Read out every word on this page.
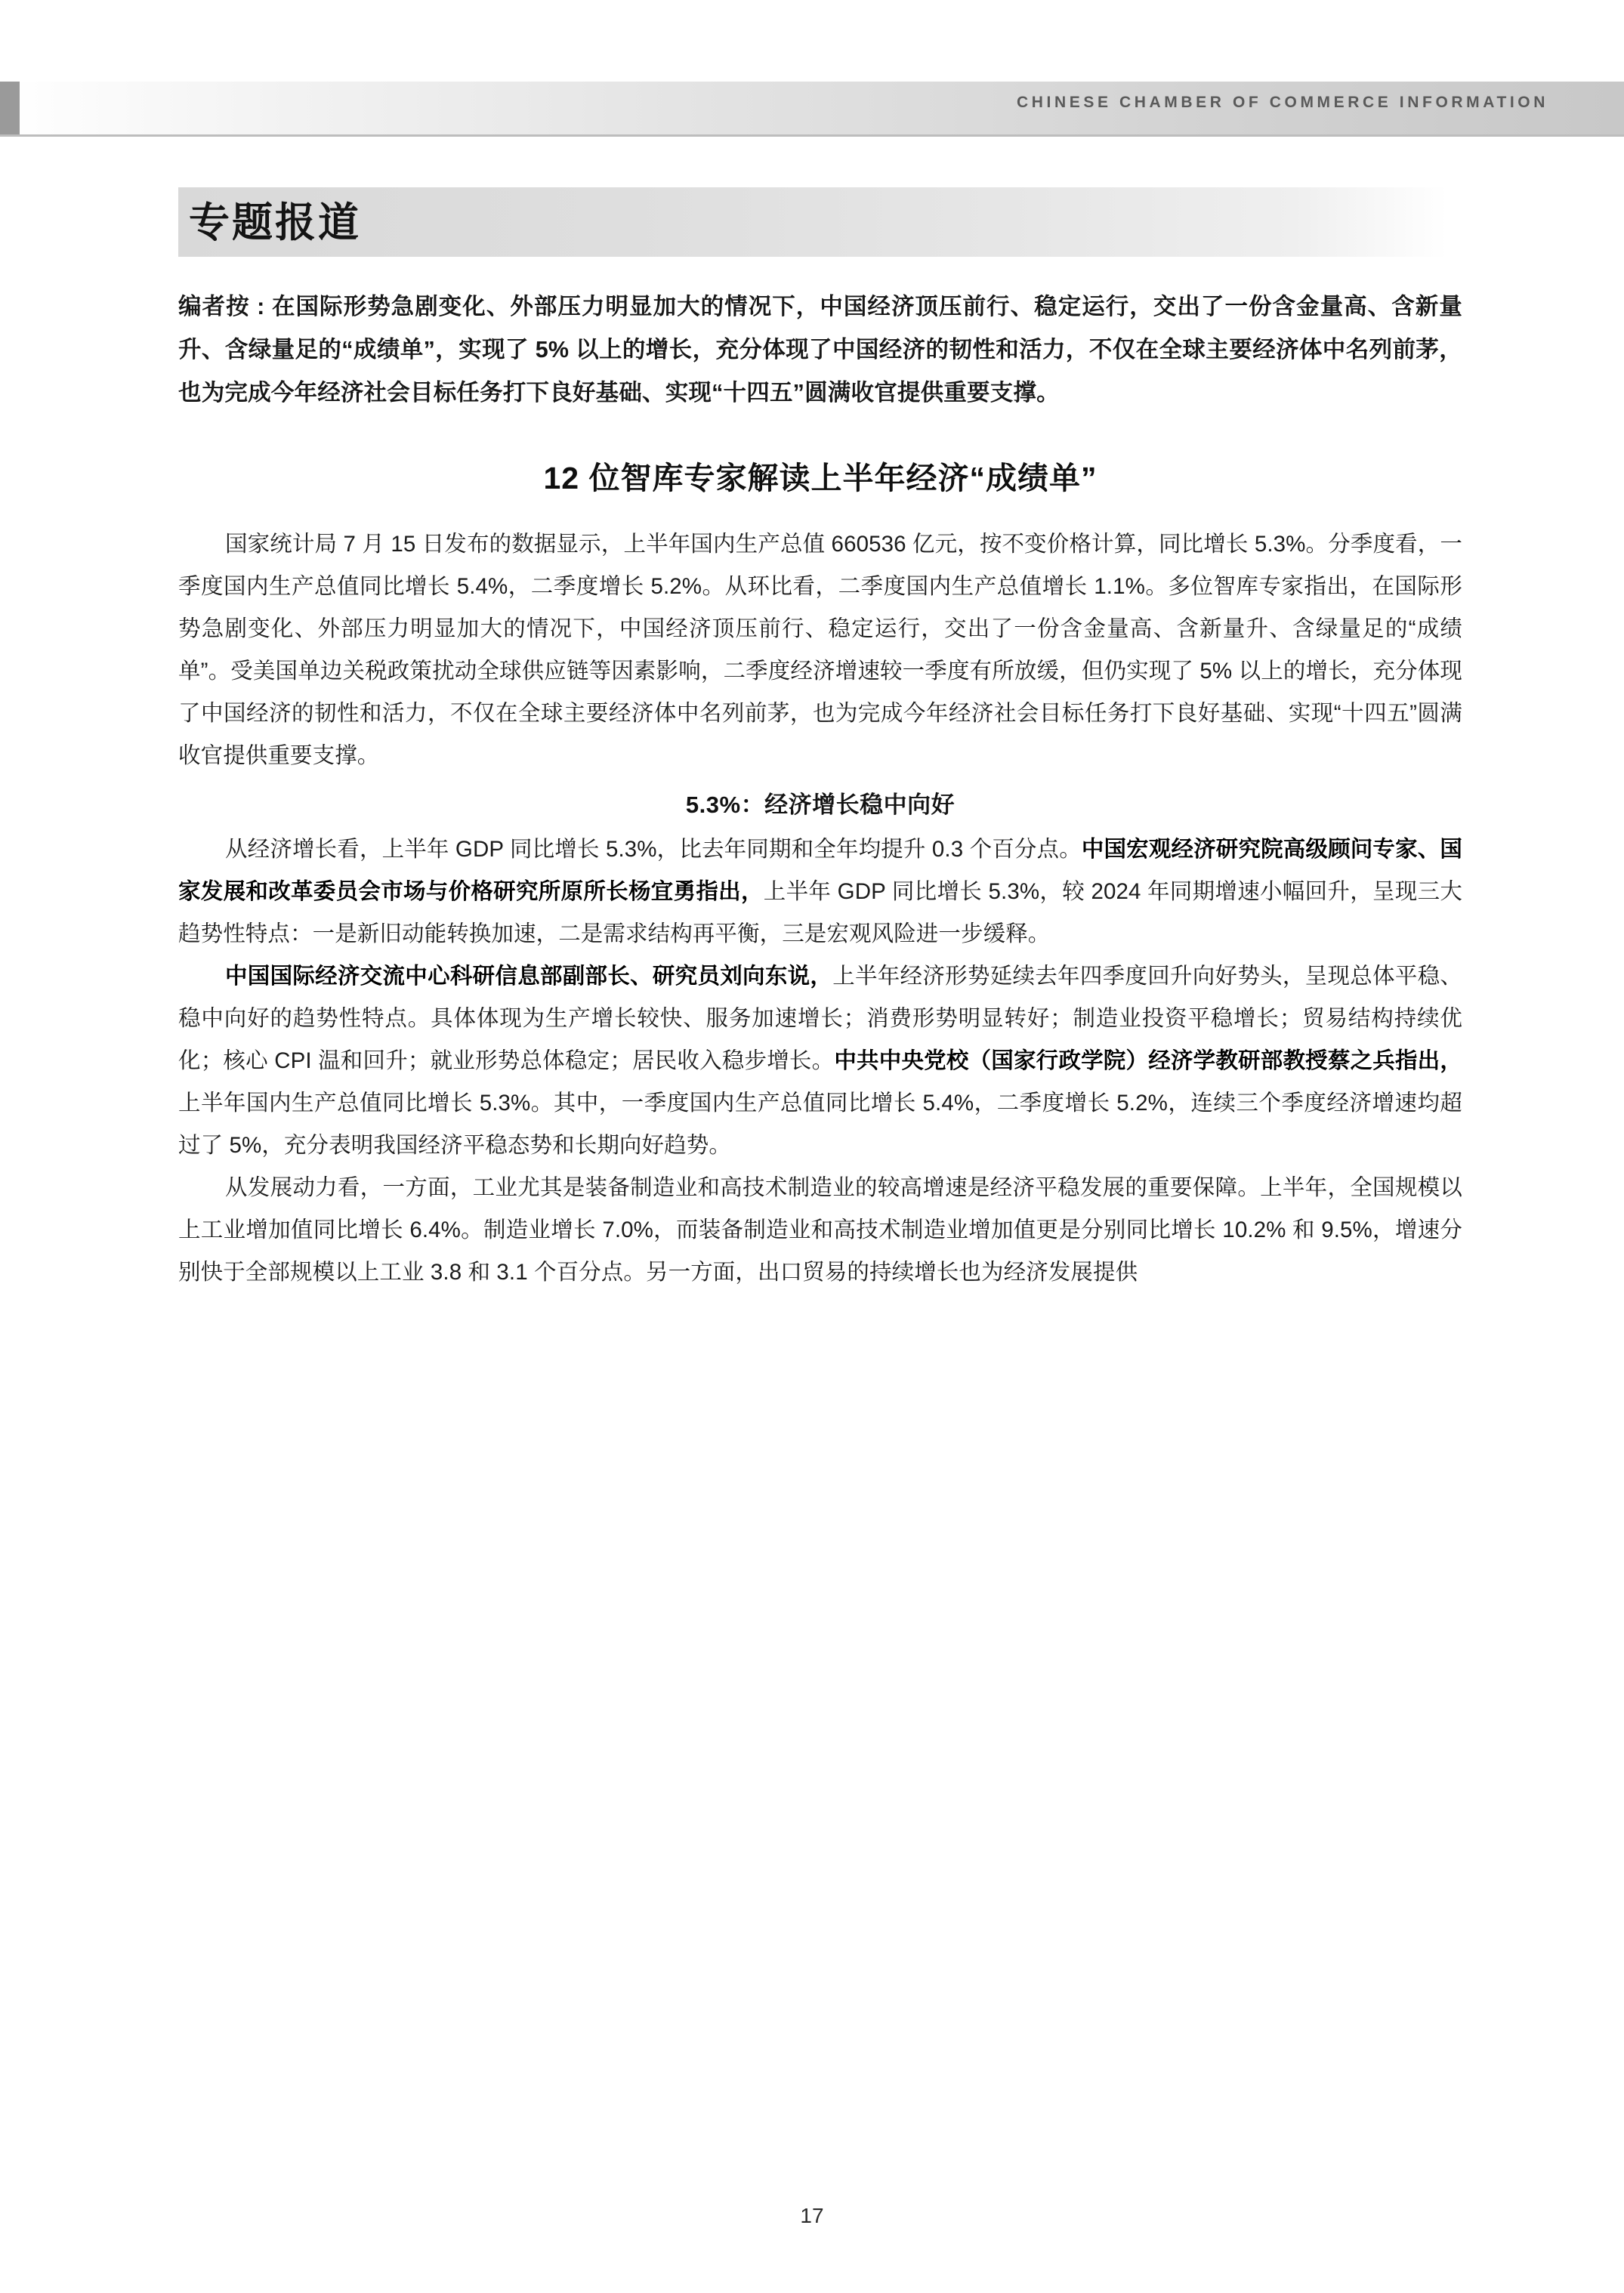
CHINESE CHAMBER OF COMMERCE INFORMATION
专题报道

编者按 : 在国际形势急剧变化、外部压力明显加大的情况下，中国经济顶压前行、稳定运行，交出了一份含金量高、含新量升、含绿量足的“成绩单”，实现了 5% 以上的增长，充分体现了中国经济的韧性和活力，不仅在全球主要经济体中名列前茅，也为完成今年经济社会目标任务打下良好基础、实现“十四五”圆满收官提供重要支撑。

12 位智库专家解读上半年经济“成绩单”

国家统计局 7 月 15 日发布的数据显示，上半年国内生产总值 660536 亿元，按不变价格计算，同比增长 5.3%。分季度看，一季度国内生产总值同比增长 5.4%，二季度增长 5.2%。从环比看，二季度国内生产总值增长 1.1%。多位智库专家指出，在国际形势急剧变化、外部压力明显加大的情况下，中国经济顶压前行、稳定运行，交出了一份含金量高、含新量升、含绿量足的“成绩单”。受美国单边关税政策扰动全球供应链等因素影响，二季度经济增速较一季度有所放缓，但仍实现了 5% 以上的增长，充分体现了中国经济的韧性和活力，不仅在全球主要经济体中名列前茅，也为完成今年经济社会目标任务打下良好基础、实现“十四五”圆满收官提供重要支撑。

5.3%：经济增长稳中向好

从经济增长看，上半年 GDP 同比增长 5.3%，比去年同期和全年均提升 0.3 个百分点。中国宏观经济研究院高级顾问专家、国家发展和改革委员会市场与价格研究所原所长杨宜勇指出，上半年 GDP 同比增长 5.3%，较 2024 年同期增速小幅回升，呈现三大趋势性特点：一是新旧动能转换加速，二是需求结构再平衡，三是宏观风险进一步缓释。

中国国际经济交流中心科研信息部副部长、研究员刘向东说，上半年经济形势延续去年四季度回升向好势头，呈现总体平稳、稳中向好的趋势性特点。具体体现为生产增长较快、服务加速增长；消费形势明显转好；制造业投资平稳增长；贸易结构持续优化；核心 CPI 温和回升；就业形势总体稳定；居民收入稳步增长。中共中央党校（国家行政学院）经济学教研部教授蔡之兵指出，上半年国内生产总值同比增长 5.3%。其中，一季度国内生产总值同比增长 5.4%，二季度增长 5.2%，连续三个季度经济增速均超过了 5%，充分表明我国经济平稳态势和长期向好趋势。

从发展动力看，一方面，工业尤其是装备制造业和高技术制造业的较高增速是经济平稳发展的重要保障。上半年，全国规模以上工业增加值同比增长 6.4%。制造业增长 7.0%，而装备制造业和高技术制造业增加值更是分别同比增长 10.2% 和 9.5%，增速分别快于全部规模以上工业 3.8 和 3.1 个百分点。另一方面，出口贸易的持续增长也为经济发展提供

17
